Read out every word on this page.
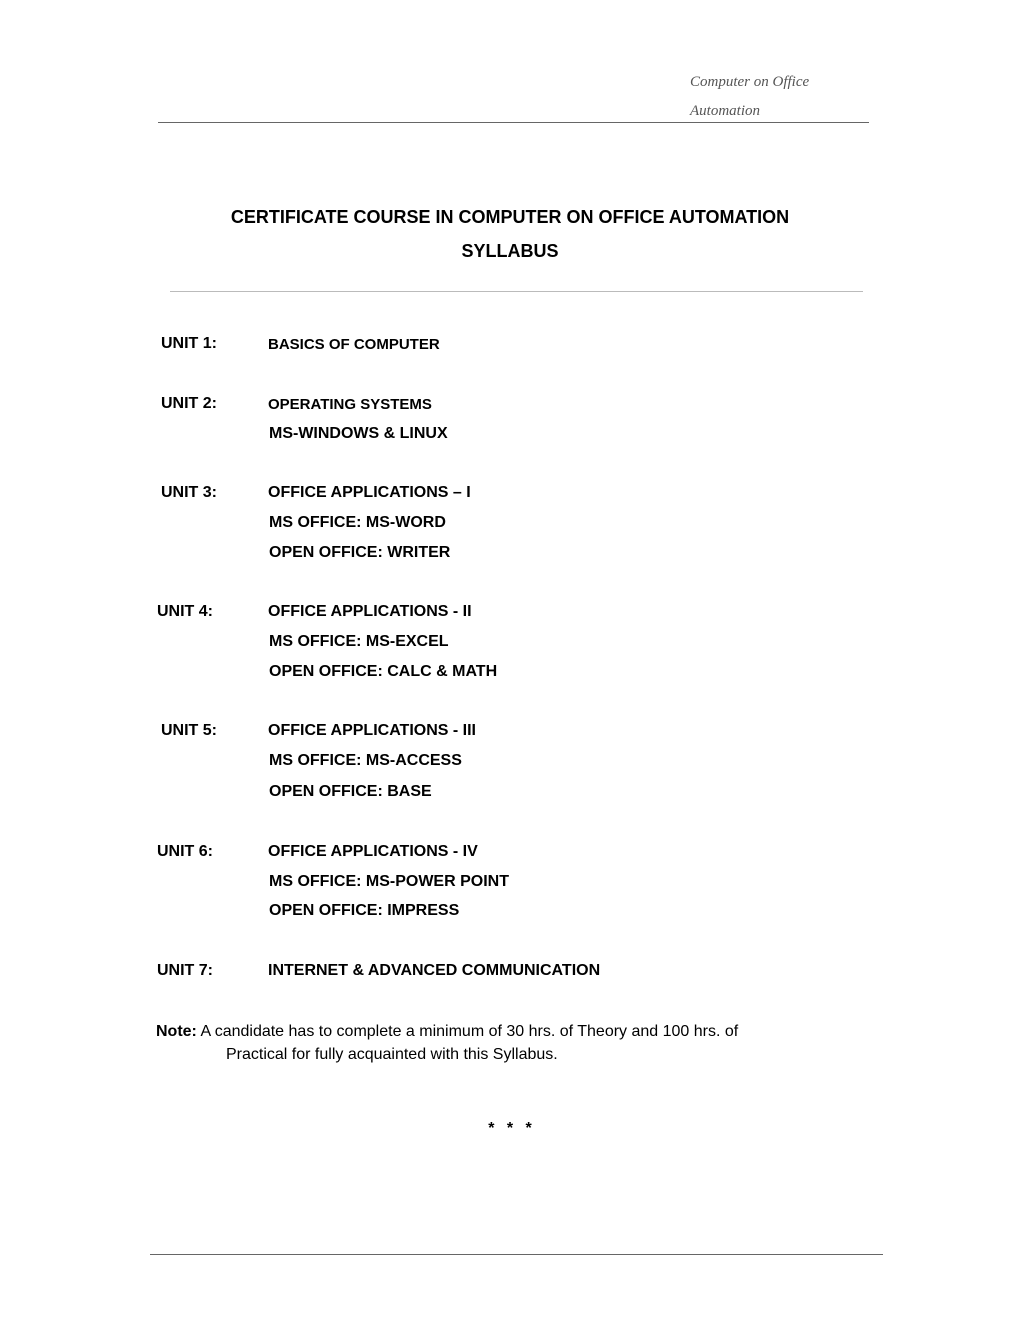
Computer on Office
Automation
CERTIFICATE COURSE IN COMPUTER ON OFFICE AUTOMATION
SYLLABUS
UNIT 1:	BASICS OF COMPUTER
UNIT 2:	OPERATING SYSTEMS
MS-WINDOWS & LINUX
UNIT 3:	OFFICE APPLICATIONS – I
MS OFFICE: MS-WORD
OPEN OFFICE: WRITER
UNIT 4:	OFFICE APPLICATIONS - II
MS OFFICE: MS-EXCEL
OPEN OFFICE: CALC & MATH
UNIT 5:	OFFICE APPLICATIONS - III
MS OFFICE: MS-ACCESS
OPEN OFFICE: BASE
UNIT 6:	OFFICE APPLICATIONS - IV
MS OFFICE: MS-POWER POINT
OPEN OFFICE: IMPRESS
UNIT 7:	INTERNET & ADVANCED COMMUNICATION
Note: A candidate has to complete a minimum of 30 hrs. of Theory and 100 hrs. of
Practical for fully acquainted with this Syllabus.
* * *
